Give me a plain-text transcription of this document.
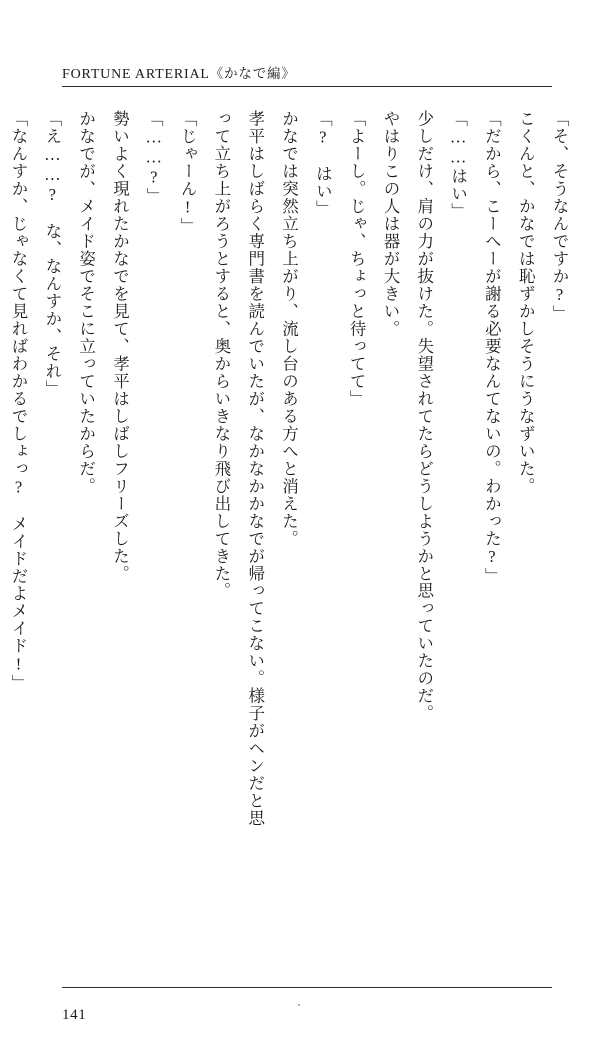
FORTUNE ARTERIAL《かなで編》

「そ、そうなんですか?」

こくんと、かなでは恥ずかしそうにうなずいた。

「だから、こーへーが謝る必要なんてないの。わかった?」

「……はい」

少しだけ、肩の力が抜けた。失望されてたらどうしようかと思っていたのだ。

やはりこの人は器が大きい。

「よーし。じゃ、ちょっと待ってて」

「?　はい」

かなでは突然立ち上がり、流し台のある方へと消えた。

孝平はしばらく専門書を読んでいたが、なかなかかなでが帰ってこない。様子がヘンだと思

って立ち上がろうとすると、奥からいきなり飛び出してきた。

「じゃーん!」

「……?」

勢いよく現れたかなでを見て、孝平はしばしフリーズした。

かなでが、メイド姿でそこに立っていたからだ。

「え……?　な、なんすか、それ」

「なんすか、じゃなくて見ればわかるでしょっ?　メイドだよメイド!」

141
